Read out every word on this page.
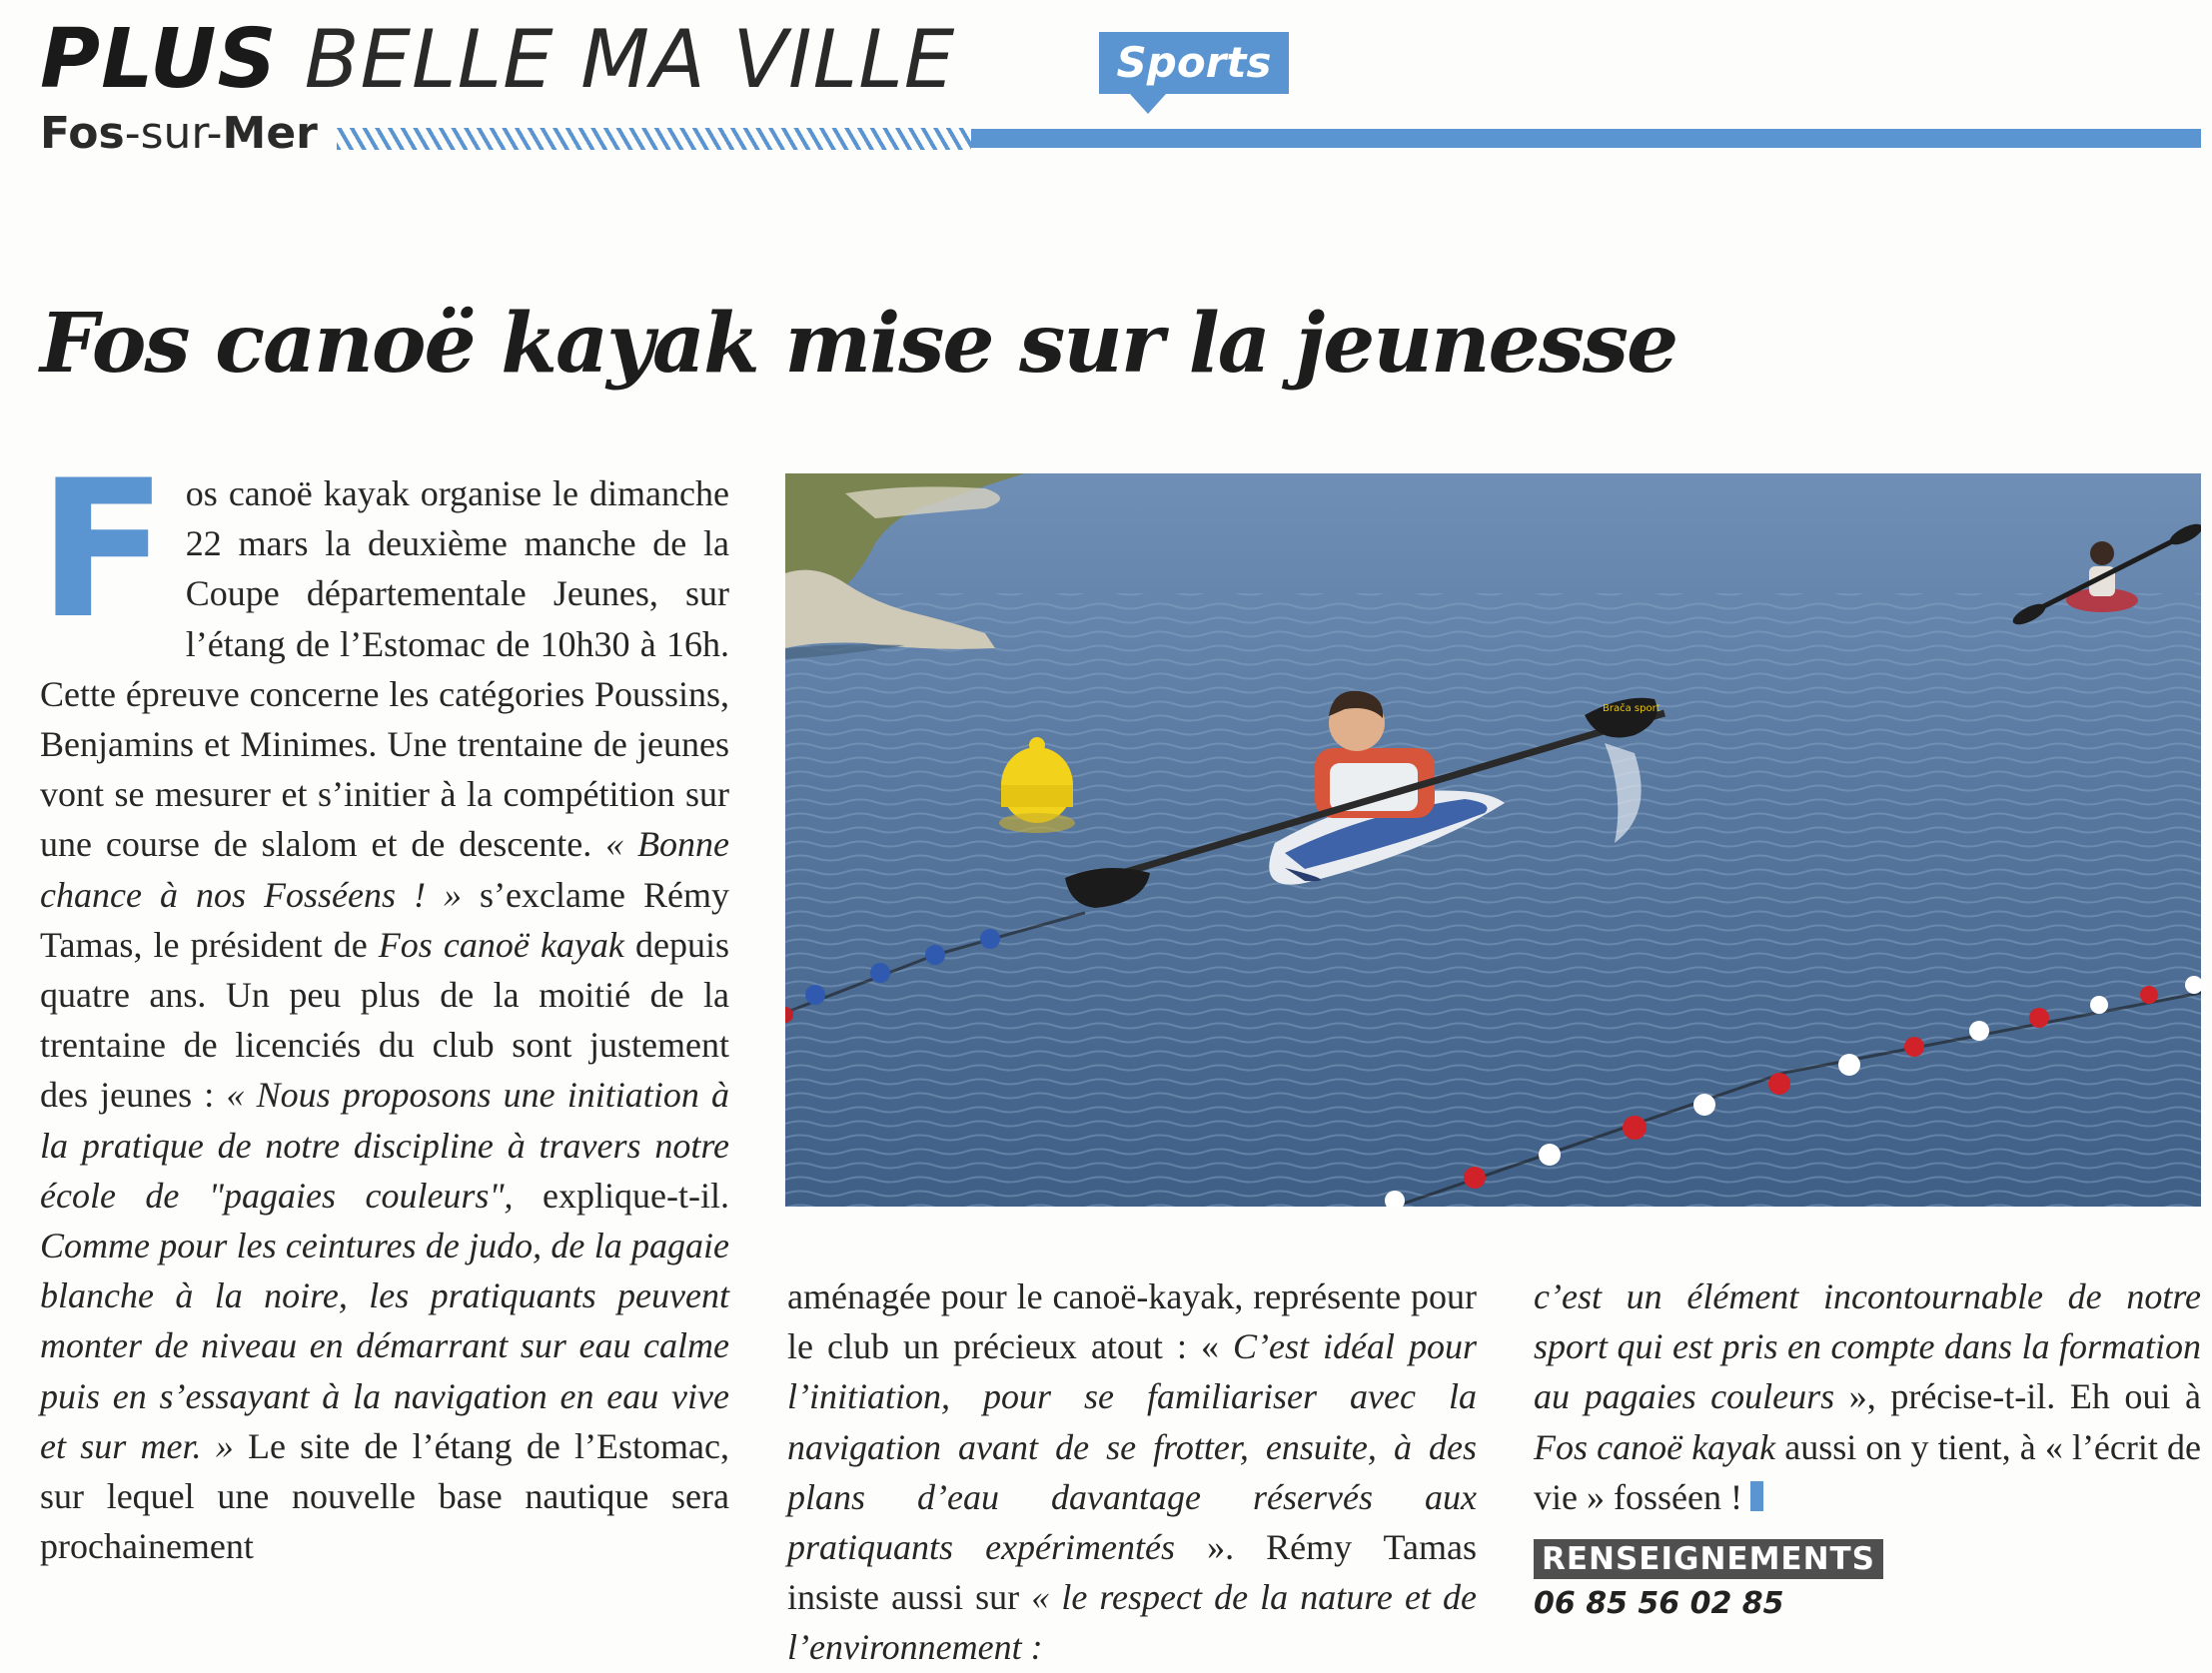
PLUS BELLE MA VILLE
Fos-sur-Mer
Sports
Fos canoë kayak mise sur la jeunesse

Fos canoë kayak organise le dimanche 22 mars la deuxième manche de la Coupe départementale Jeunes, sur l’étang de l’Estomac de 10h30 à 16h. Cette épreuve concerne les catégories Poussins, Benjamins et Minimes. Une trentaine de jeunes vont se mesurer et s’initier à la compétition sur une course de slalom et de descente. « Bonne chance à nos Fosséens ! » s’exclame Rémy Tamas, le président de Fos canoë kayak depuis quatre ans. Un peu plus de la moitié de la trentaine de licenciés du club sont justement des jeunes : « Nous proposons une initiation à la pratique de notre discipline à travers notre école de "pagaies couleurs", explique-t-il. Comme pour les ceintures de judo, de la pagaie blanche à la noire, les pratiquants peuvent monter de niveau en démarrant sur eau calme puis en s’essayant à la navigation en eau vive et sur mer. » Le site de l’étang de l’Estomac, sur lequel une nouvelle base nautique sera prochainement

Brača sport

aménagée pour le canoë-kayak, représente pour le club un précieux atout : « C’est idéal pour l’initiation, pour se familiariser avec la navigation avant de se frotter, ensuite, à des plans d’eau davantage réservés aux pratiquants expérimentés ». Rémy Tamas insiste aussi sur « le respect de la nature et de l’environnement :

c’est un élément incontournable de notre sport qui est pris en compte dans la formation au pagaies couleurs », précise-t-il. Eh oui à Fos canoë kayak aussi on y tient, à « l’écrit de vie » fosséen !

RENSEIGNEMENTS
06 85 56 02 85
